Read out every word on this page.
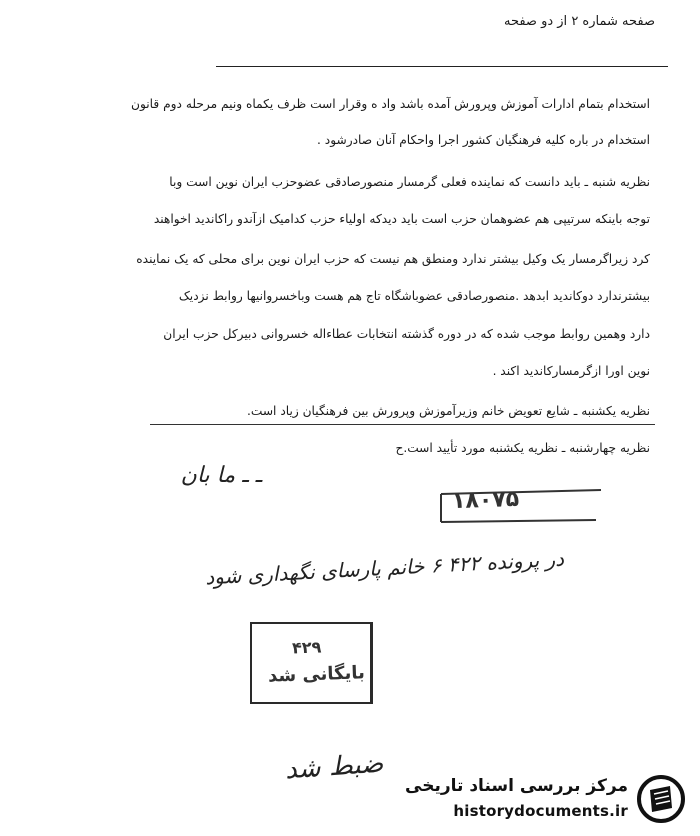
صفحه شماره ۲ از دو صفحه
استخدام بتمام ادارات آموزش وپرورش آمده باشد واد ه وقرار است ظرف یکماه ونیم مرحله دوم قانون
استخدام در باره کلیه فرهنگیان کشور اجرا واحکام آنان صادرشود .
نظریه شنبه ـ باید دانست که نماینده فعلی گرمسار منصورصادقی عضوحزب ایران نوین است وبا
توجه باینکه سرتیپی هم عضوهمان حزب است باید دیدکه اولیاء حزب کدامیک ازآندو راکاندید اخواهند
کرد زیراگرمسار یک وکیل بیشتر ندارد ومنطق هم نیست که حزب ایران نوین برای محلی که یک نماینده
بیشترندارد دوکاندید ابدهد .منصورصادقی عضوباشگاه تاج هم هست وباخسروانیها روابط نزدیک
دارد وهمین روابط موجب شده که در دوره گذشته انتخابات عطاءاله خسروانی دبیرکل حزب ایران
نوین اورا ازگرمسارکاندید اکند .
نظریه یکشنبه ـ شایع تعویض خانم وزیرآموزش وپرورش بین فرهنگیان زیاد است.
نظریه چهارشنبه ـ نظریه یکشنبه مورد تأیید است.ح
ـ ـ ما بان
۱۸۰۷۵
در پرونده ۴۲۲ ۶ خانم پارسای نگهداری شود
۴۲۹
بایگانی شد
ضبط شد
مرکز بررسی اسناد تاریخی
historydocuments.ir
